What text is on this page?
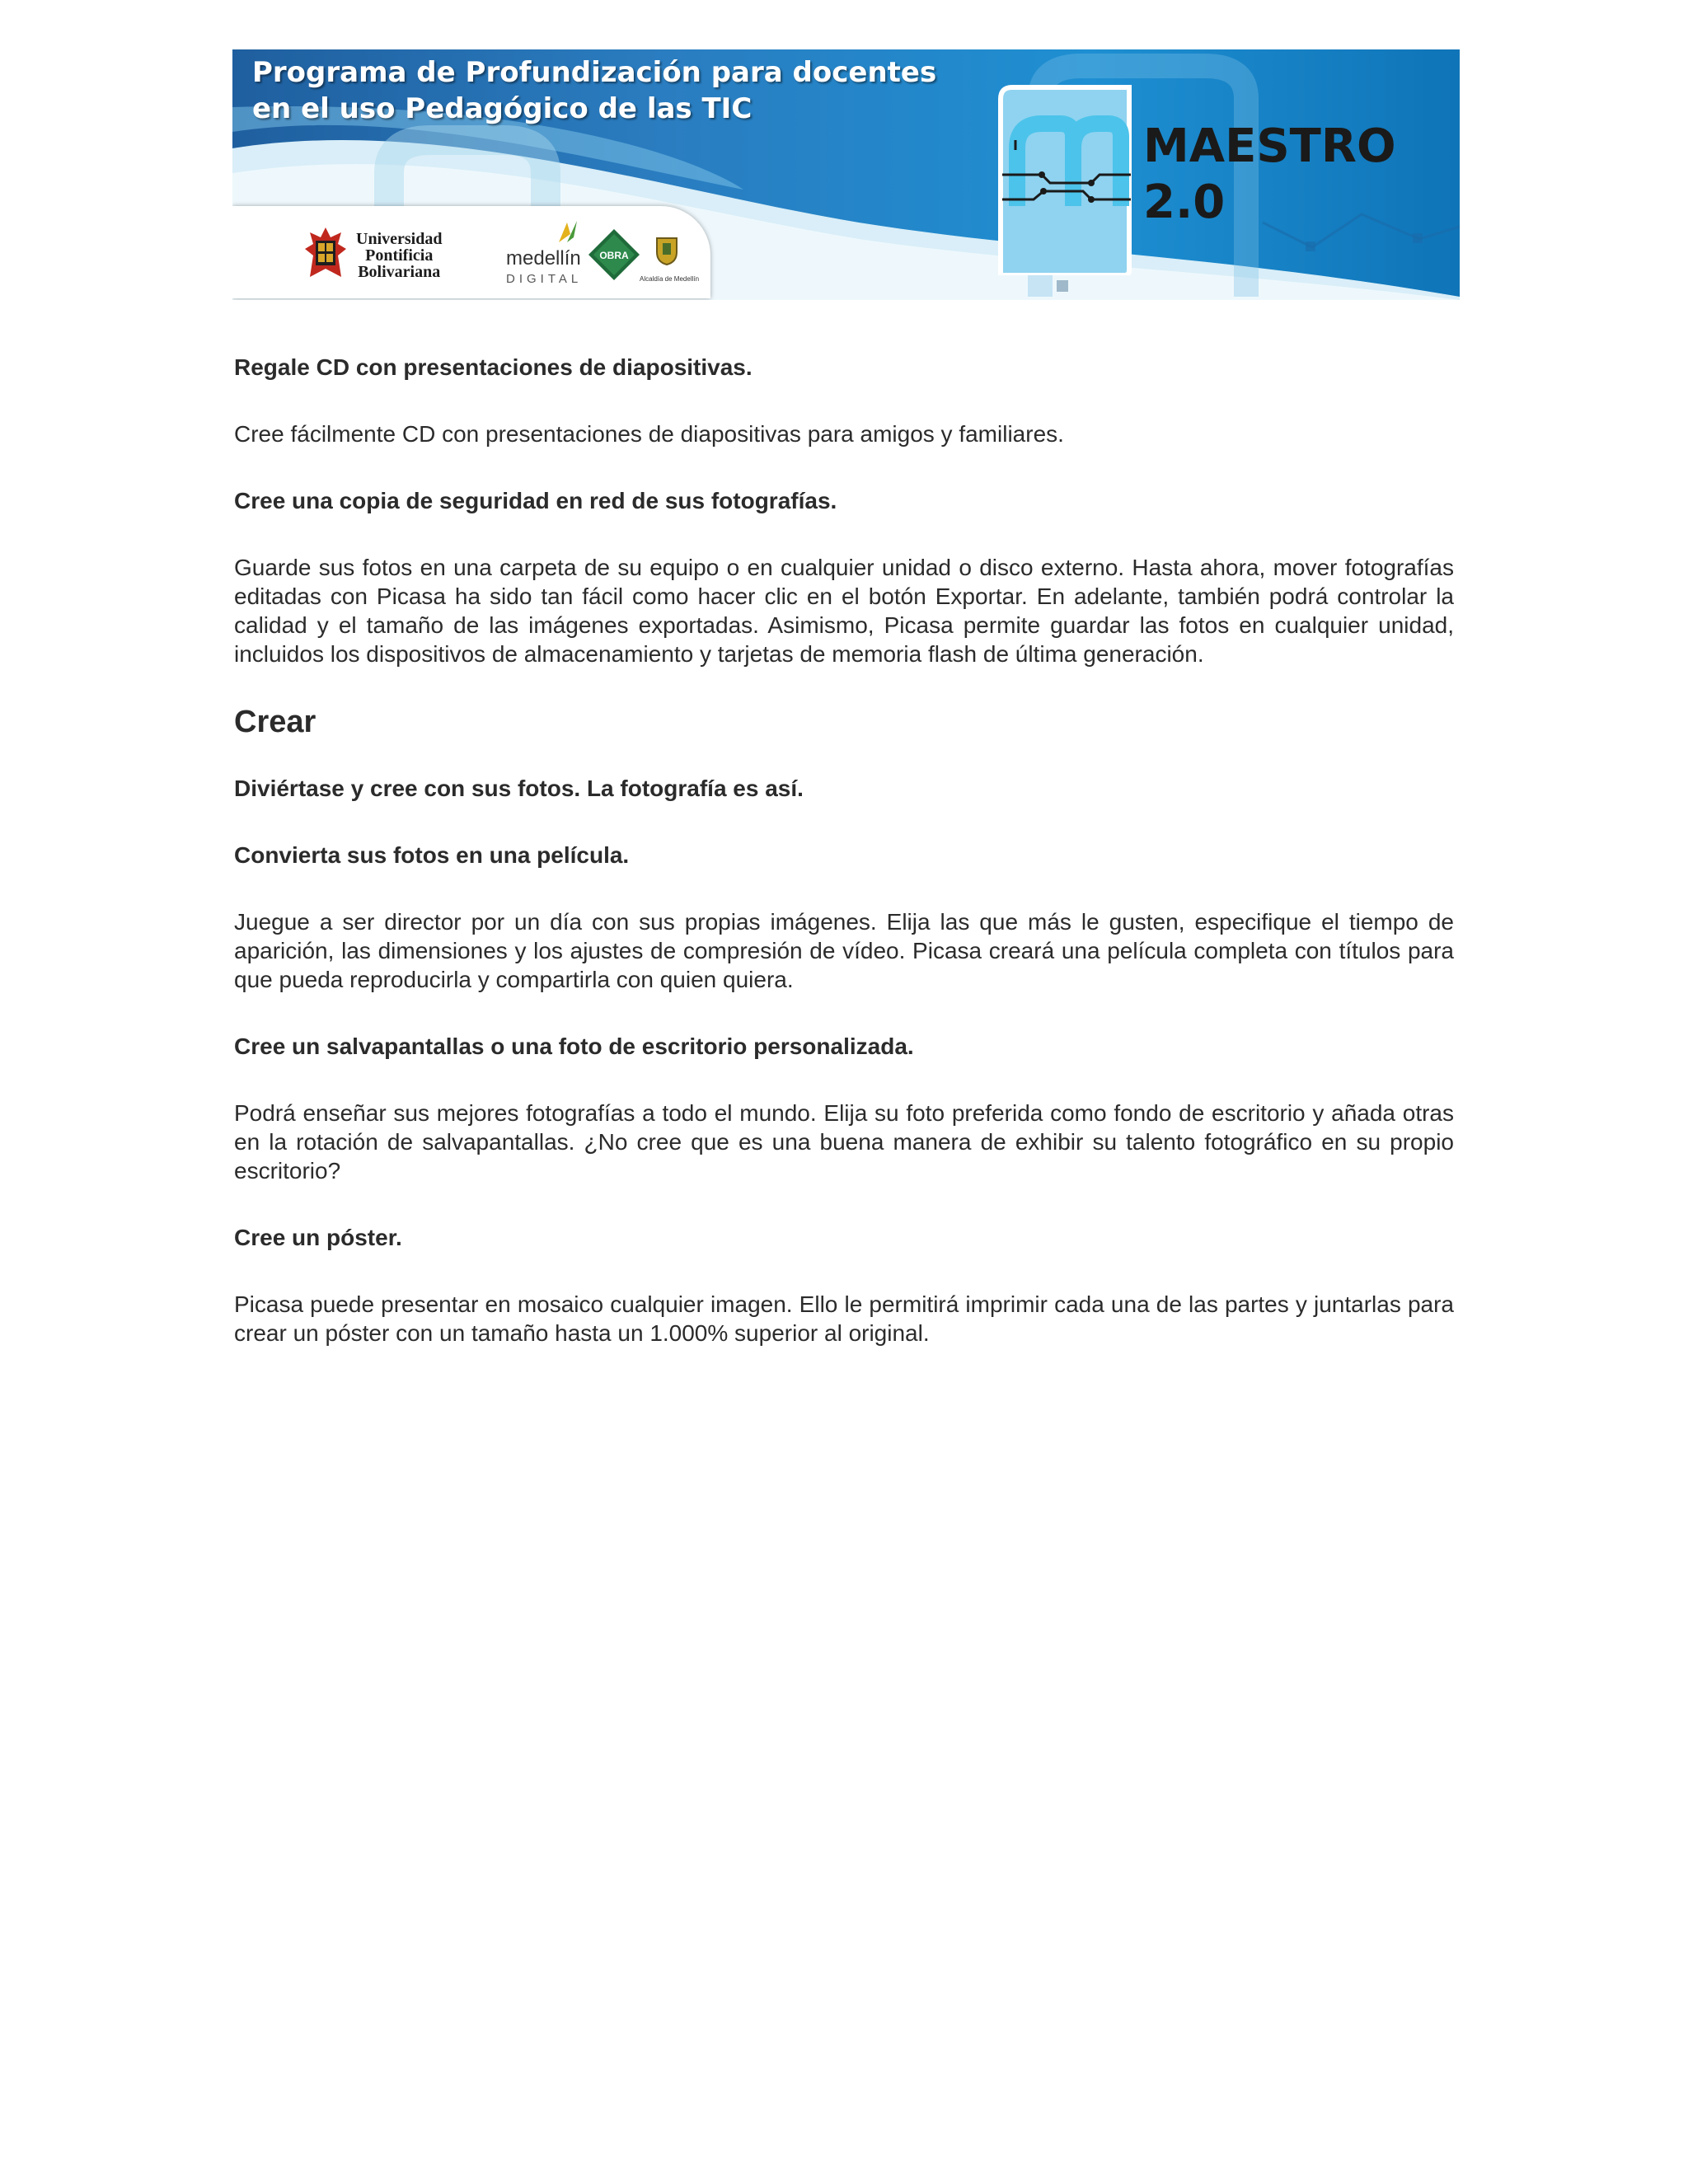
Programa de Profundización para docentes
en el uso Pedagógico de las TIC

Universidad
Pontificia
Bolivariana

medellín

DIGITAL

OBRA

Alcaldía de Medellín

MAESTRO
2.0

Regale CD con presentaciones de diapositivas.

Cree fácilmente CD con presentaciones de diapositivas para amigos y familiares.

Cree una copia de seguridad en red de sus fotografías.

Guarde sus fotos en una carpeta de su equipo o en cualquier unidad o disco externo. Hasta ahora, mover fotografías editadas con Picasa ha sido tan fácil como hacer clic en el botón Exportar. En adelante, también podrá controlar la calidad y el tamaño de las imágenes exportadas. Asimismo, Picasa permite guardar las fotos en cualquier unidad, incluidos los dispositivos de almacenamiento y tarjetas de memoria flash de última generación.

Crear

Diviértase y cree con sus fotos. La fotografía es así.

Convierta sus fotos en una película.

Juegue a ser director por un día con sus propias imágenes. Elija las que más le gusten, especifique el tiempo de aparición, las dimensiones y los ajustes de compresión de vídeo. Picasa creará una película completa con títulos para que pueda reproducirla y compartirla con quien quiera.

Cree un salvapantallas o una foto de escritorio personalizada.

Podrá enseñar sus mejores fotografías a todo el mundo. Elija su foto preferida como fondo de escritorio y añada otras en la rotación de salvapantallas. ¿No cree que es una buena manera de exhibir su talento fotográfico en su propio escritorio?

Cree un póster.

Picasa puede presentar en mosaico cualquier imagen. Ello le permitirá imprimir cada una de las partes y juntarlas para crear un póster con un tamaño hasta un 1.000% superior al original.
